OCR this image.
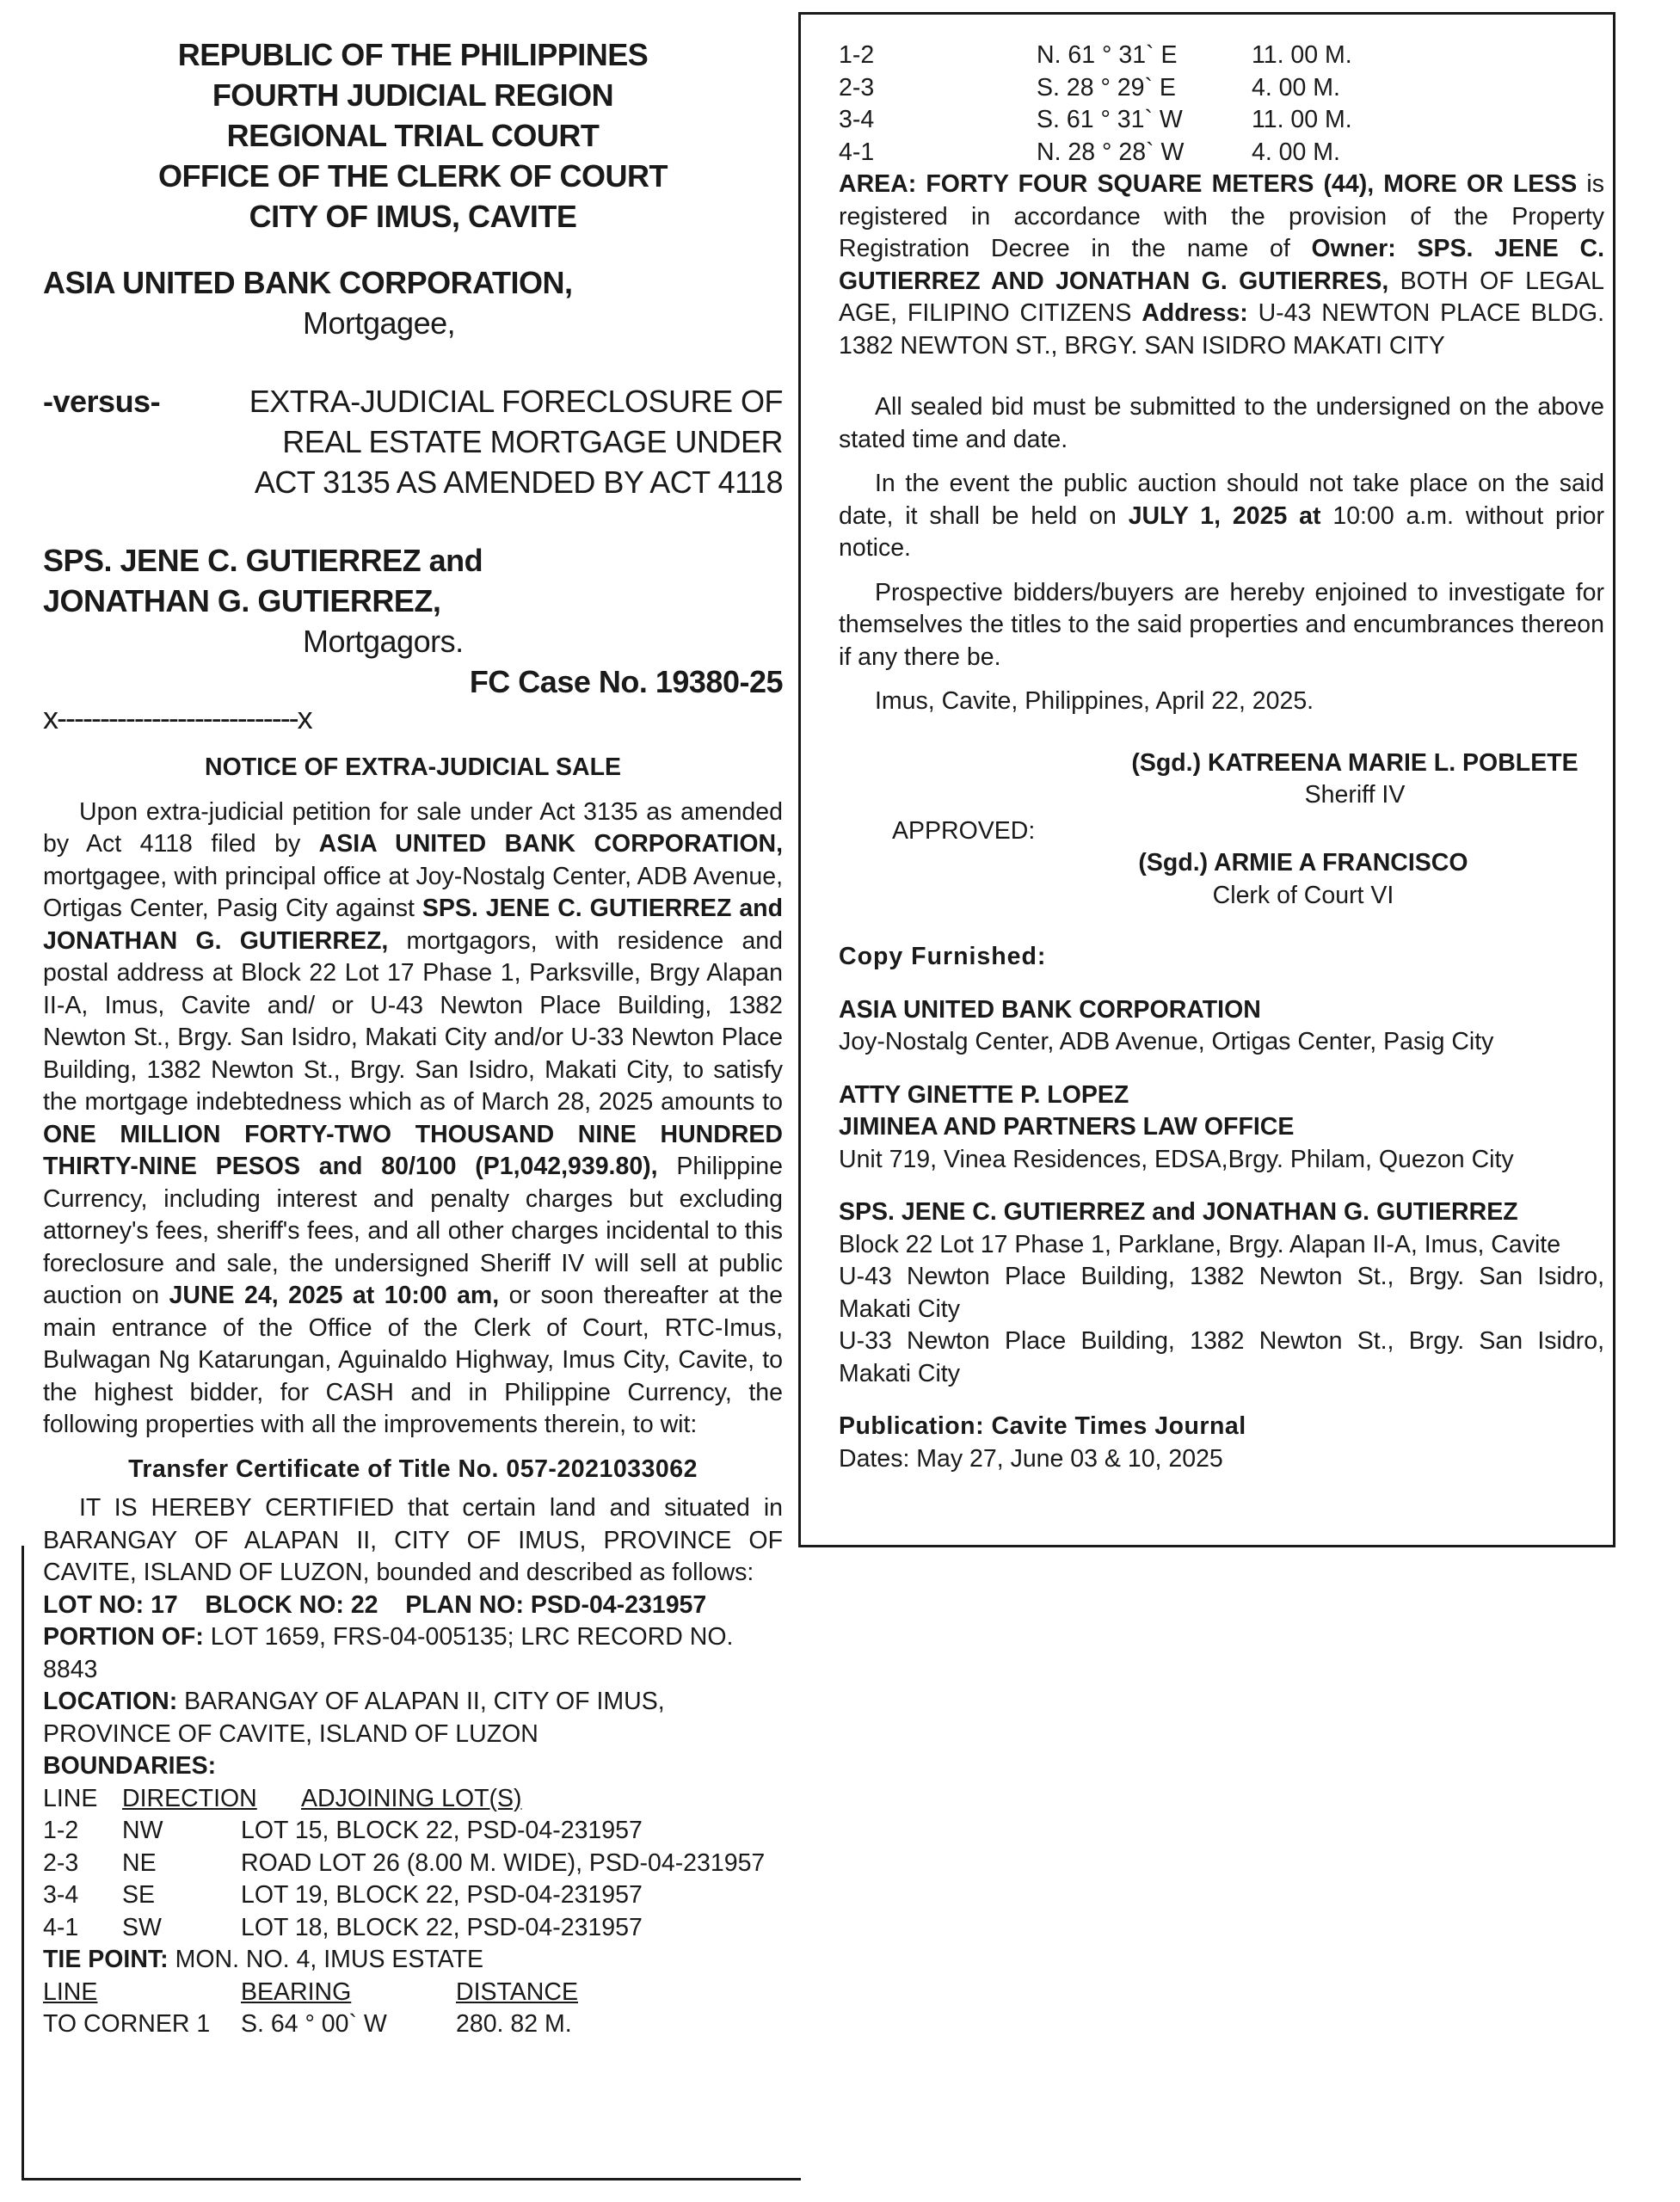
REPUBLIC OF THE PHILIPPINES
FOURTH JUDICIAL REGION
REGIONAL TRIAL COURT
OFFICE OF THE CLERK OF COURT
CITY OF IMUS, CAVITE
ASIA UNITED BANK CORPORATION,
Mortgagee,
-versus-	EXTRA-JUDICIAL FORECLOSURE OF
REAL ESTATE MORTGAGE UNDER
ACT 3135 AS AMENDED BY ACT 4118
SPS. JENE C. GUTIERREZ and
JONATHAN G. GUTIERREZ,
Mortgagors.
FC Case No. 19380-25
x----------------------------x
NOTICE OF EXTRA-JUDICIAL SALE

Upon extra-judicial petition for sale under Act 3135 as amended by Act 4118 filed by ASIA UNITED BANK CORPORATION, mortgagee, with principal office at Joy-Nostalg Center, ADB Avenue, Ortigas Center, Pasig City against SPS. JENE C. GUTIERREZ and JONATHAN G. GUTIERREZ, mortgagors, with residence and postal address at Block 22 Lot 17 Phase 1, Parksville, Brgy Alapan II-A, Imus, Cavite and/ or U-43 Newton Place Building, 1382 Newton St., Brgy. San Isidro, Makati City and/or U-33 Newton Place Building, 1382 Newton St., Brgy. San Isidro, Makati City, to satisfy the mortgage indebtedness which as of March 28, 2025 amounts to ONE MILLION FORTY-TWO THOUSAND NINE HUNDRED THIRTY-NINE PESOS and 80/100 (P1,042,939.80), Philippine Currency, including interest and penalty charges but excluding attorney's fees, sheriff's fees, and all other charges incidental to this foreclosure and sale, the undersigned Sheriff IV will sell at public auction on JUNE 24, 2025 at 10:00 am, or soon thereafter at the main entrance of the Office of the Clerk of Court, RTC-Imus, Bulwagan Ng Katarungan, Aguinaldo Highway, Imus City, Cavite, to the highest bidder, for CASH and in Philippine Currency, the following properties with all the improvements therein, to wit:

Transfer Certificate of Title No. 057-2021033062

IT IS HEREBY CERTIFIED that certain land and situated in BARANGAY OF ALAPAN II, CITY OF IMUS, PROVINCE OF CAVITE, ISLAND OF LUZON, bounded and described as follows:

LOT NO: 17    BLOCK NO: 22    PLAN NO: PSD-04-231957

PORTION OF: LOT 1659, FRS-04-005135; LRC RECORD NO. 8843

LOCATION: BARANGAY OF ALAPAN II, CITY OF IMUS, PROVINCE OF CAVITE, ISLAND OF LUZON

BOUNDARIES:
LINE	DIRECTION	ADJOINING LOT(S)
1-2	NW	LOT 15, BLOCK 22, PSD-04-231957
2-3	NE	ROAD LOT 26 (8.00 M. WIDE), PSD-04-231957
3-4	SE	LOT 19, BLOCK 22, PSD-04-231957
4-1	SW	LOT 18, BLOCK 22, PSD-04-231957

TIE POINT: MON. NO. 4, IMUS ESTATE

LINE	BEARING	DISTANCE
TO CORNER 1	S. 64 ° 00` W	280. 82 M.
1-2	N. 61 ° 31` E	11. 00 M.
2-3	S. 28 ° 29` E	4. 00 M.
3-4	S. 61 ° 31` W	11. 00 M.
4-1	N. 28 ° 28` W	4. 00 M.

AREA: FORTY FOUR SQUARE METERS (44), MORE OR LESS is registered in accordance with the provision of the Property Registration Decree in the name of Owner: SPS. JENE C. GUTIERREZ AND JONATHAN G. GUTIERRES, BOTH OF LEGAL AGE, FILIPINO CITIZENS Address: U-43 NEWTON PLACE BLDG. 1382 NEWTON ST., BRGY. SAN ISIDRO MAKATI CITY

All sealed bid must be submitted to the undersigned on the above stated time and date.

In the event the public auction should not take place on the said date, it shall be held on JULY 1, 2025 at 10:00 a.m. without prior notice.

Prospective bidders/buyers are hereby enjoined to investigate for themselves the titles to the said properties and encumbrances thereon if any there be.

Imus, Cavite, Philippines, April 22, 2025.

(Sgd.) KATREENA MARIE L. POBLETE
Sheriff IV
APPROVED:
(Sgd.) ARMIE A FRANCISCO
Clerk of Court VI
Copy Furnished:
ASIA UNITED BANK CORPORATION
Joy-Nostalg Center, ADB Avenue, Ortigas Center, Pasig City
ATTY GINETTE P. LOPEZ
JIMINEA AND PARTNERS LAW OFFICE
Unit 719, Vinea Residences, EDSA,Brgy. Philam, Quezon City
SPS. JENE C. GUTIERREZ and JONATHAN G. GUTIERREZ
Block 22 Lot 17 Phase 1, Parklane, Brgy. Alapan II-A, Imus, Cavite
U-43 Newton Place Building, 1382 Newton St., Brgy. San Isidro, Makati City
U-33 Newton Place Building, 1382 Newton St., Brgy. San Isidro, Makati City
Publication: Cavite Times Journal
Dates: May 27, June 03 & 10, 2025
